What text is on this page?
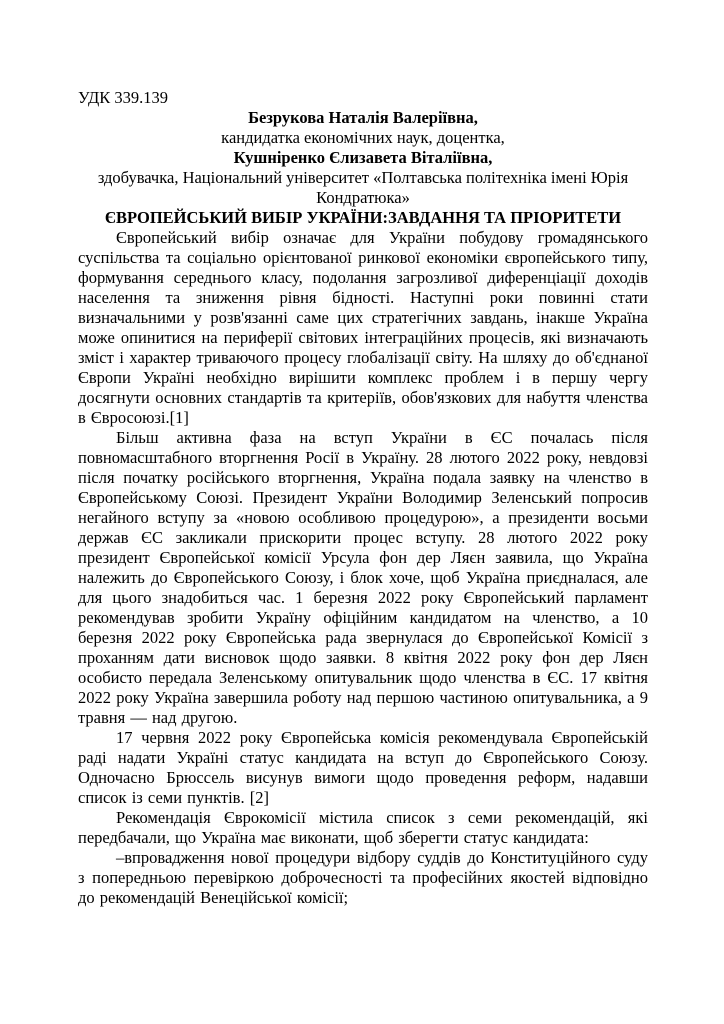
УДК 339.139
Безрукова Наталія Валеріївна,
кандидатка економічних наук, доцентка,
Кушніренко Єлизавета Віталіївна,
здобувачка, Національний університет «Полтавська політехніка імені Юрія Кондратюка»
ЄВРОПЕЙСЬКИЙ ВИБІР УКРАЇНИ:ЗАВДАННЯ ТА ПРІОРИТЕТИ

Європейський вибір означає для України побудову громадянського суспільства та соціально орієнтованої ринкової економіки європейського типу, формування середнього класу, подолання загрозливої диференціації доходів населення та зниження рівня бідності. Наступні роки повинні стати визначальними у розв'язанні саме цих стратегічних завдань, інакше Україна може опинитися на периферії світових інтеграційних процесів, які визначають зміст і характер триваючого процесу глобалізації світу. На шляху до об'єднаної Європи Україні необхідно вирішити комплекс проблем і в першу чергу досягнути основних стандартів та критеріїв, обов'язкових для набуття членства в Євросоюзі.[1]

Більш активна фаза на вступ України в ЄС почалась після повномасштабного вторгнення Росії в Україну. 28 лютого 2022 року, невдовзі після початку російського вторгнення, Україна подала заявку на членство в Європейському Союзі. Президент України Володимир Зеленський попросив негайного вступу за «новою особливою процедурою», а президенти восьми держав ЄС закликали прискорити процес вступу. 28 лютого 2022 року президент Європейської комісії Урсула фон дер Ляєн заявила, що Україна належить до Європейського Союзу, і блок хоче, щоб Україна приєдналася, але для цього знадобиться час. 1 березня 2022 року Європейський парламент рекомендував зробити Україну офіційним кандидатом на членство, а 10 березня 2022 року Європейська рада звернулася до Європейської Комісії з проханням дати висновок щодо заявки. 8 квітня 2022 року фон дер Ляєн особисто передала Зеленському опитувальник щодо членства в ЄС. 17 квітня 2022 року Україна завершила роботу над першою частиною опитувальника, а 9 травня — над другою.

17 червня 2022 року Європейська комісія рекомендувала Європейській раді надати Україні статус кандидата на вступ до Європейського Союзу. Одночасно Брюссель висунув вимоги щодо проведення реформ, надавши список із семи пунктів. [2]

Рекомендація Єврокомісії містила список з семи рекомендацій, які передбачали, що Україна має виконати, щоб зберегти статус кандидата:

–впровадження нової процедури відбору суддів до Конституційного суду з попередньою перевіркою доброчесності та професійних якостей відповідно до рекомендацій Венеційської комісії;
